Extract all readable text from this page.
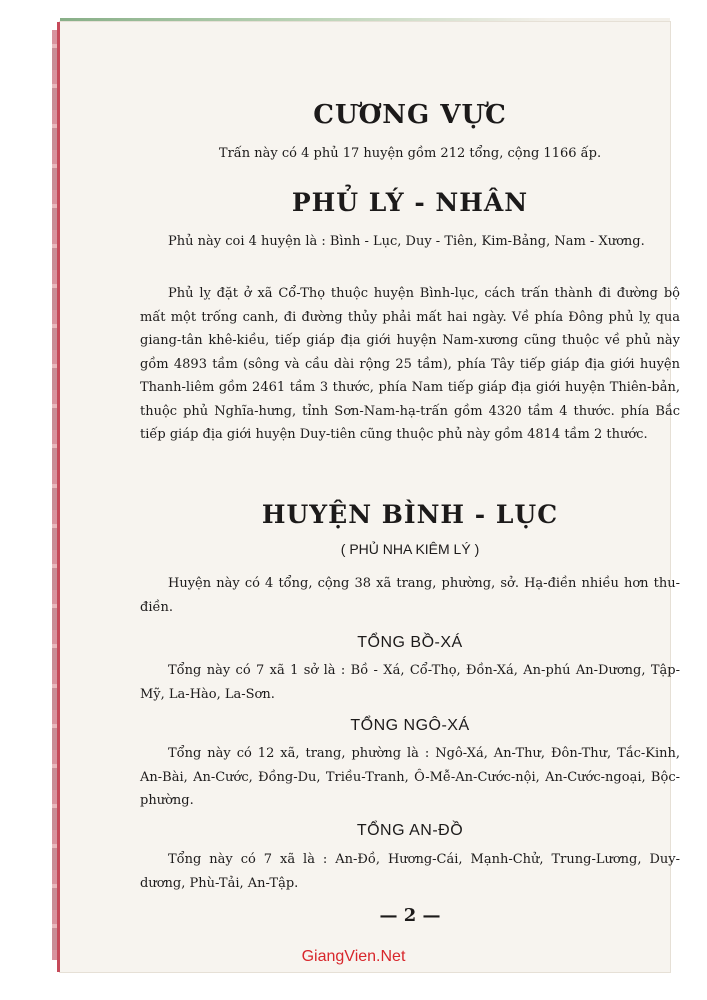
CƯƠNG VỰC
Trấn này có 4 phủ 17 huyện gồm 212 tổng, cộng 1166 ấp.
PHỦ LÝ - NHÂN
Phủ này coi 4 huyện là : Bình - Lục, Duy - Tiên, Kim-Bảng, Nam - Xương.
Phủ lỵ đặt ở xã Cổ-Thọ thuộc huyện Bình-lục, cách trấn thành đi đường bộ mất một trống canh, đi đường thủy phải mất hai ngày. Về phía Đông phủ lỵ qua giang-tân khê-kiều, tiếp giáp địa giới huyện Nam-xương cũng thuộc về phủ này gồm 4893 tầm (sông và cầu dài rộng 25 tầm), phía Tây tiếp giáp địa giới huyện Thanh-liêm gồm 2461 tầm 3 thước, phía Nam tiếp giáp địa giới huyện Thiên-bản, thuộc phủ Nghĩa-hưng, tỉnh Sơn-Nam-hạ-trấn gồm 4320 tầm 4 thước. phía Bắc tiếp giáp địa giới huyện Duy-tiên cũng thuộc phủ này gồm 4814 tầm 2 thước.
HUYỆN BÌNH - LỤC
( PHỦ NHA KIÊM LÝ )
Huyện này có 4 tổng, cộng 38 xã trang, phường, sở. Hạ-điền nhiều hơn thu-điền.
TỔNG BỒ-XÁ
Tổng này có 7 xã 1 sở là : Bồ - Xá, Cổ-Thọ, Đồn-Xá, An-phú An-Dương, Tập-Mỹ, La-Hào, La-Sơn.
TỔNG NGÔ-XÁ
Tổng này có 12 xã, trang, phường là : Ngô-Xá, An-Thư, Đôn-Thư, Tắc-Kinh, An-Bài, An-Cước, Đồng-Du, Triều-Tranh, Ô-Mễ-An-Cước-nội, An-Cước-ngoại, Bộc-phường.
TỔNG AN-ĐỒ
Tổng này có 7 xã là : An-Đồ, Hương-Cái, Mạnh-Chử, Trung-Lương, Duy-dương, Phù-Tải, An-Tập.
— 2 —
GiangVien.Net
